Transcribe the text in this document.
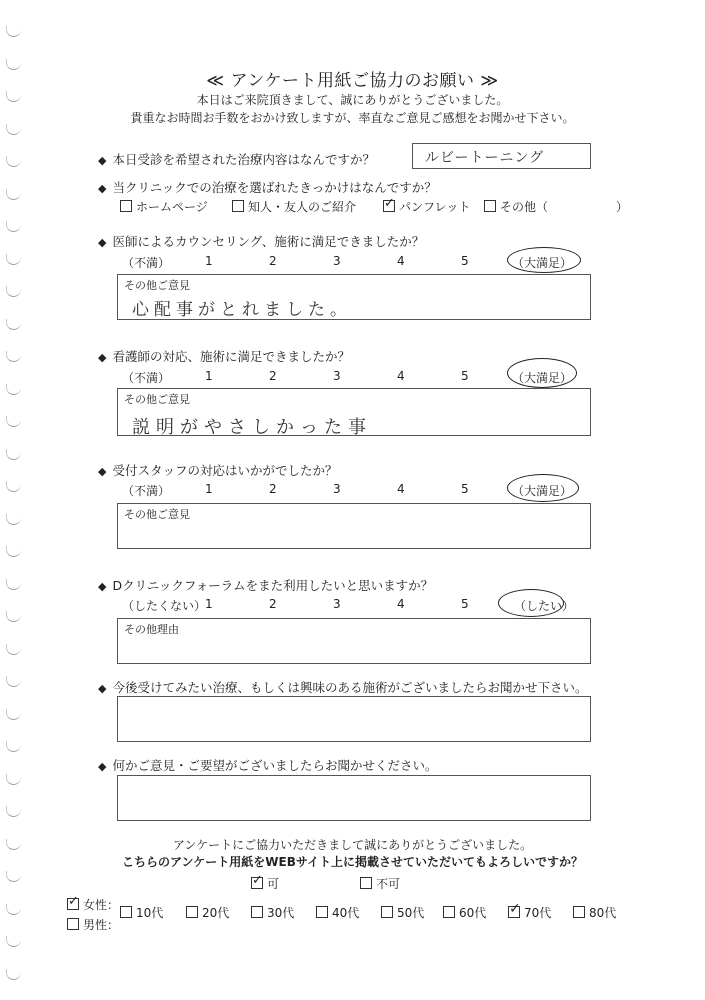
≪ アンケート用紙ご協力のお願い ≫
本日はご来院頂きまして、誠にありがとうございました。
貴重なお時間お手数をおかけ致しますが、率直なご意見ご感想をお聞かせ下さい。
◆ 本日受診を希望された治療内容はなんですか？	ルビートーニング
◆ 当クリニックでの治療を選ばれたきっかけはなんですか？
ホームページ	知人・友人のご紹介 ✓ パンフレット	その他（	）
◆ 医師によるカウンセリング、施術に満足できましたか？
（不満）	1	2	3	4	5	（大満足）
その他ご意見
心配事がとれました。
◆ 看護師の対応、施術に満足できましたか？
（不満）	1	2	3	4	5	（大満足）
その他ご意見
説明がやさしかった事
◆ 受付スタッフの対応はいかがでしたか？
（不満）	1	2	3	4	5	（大満足）
その他ご意見
◆ Dクリニックフォーラムをまた利用したいと思いますか？
（したくない）
1	2	3	4	5	（したい）
その他理由
◆ 今後受けてみたい治療、もしくは興味のある施術がございましたらお聞かせ下さい。
◆ 何かご意見・ご要望がございましたらお聞かせください。
アンケートにご協力いただきまして誠にありがとうございました。
こちらのアンケート用紙をWEBサイト上に掲載させていただいてもよろしいですか？
✓ 可	不可
✓ 女性：
男性：
10代	20代	30代	40代	50代	60代 ✓ 70代	80代
